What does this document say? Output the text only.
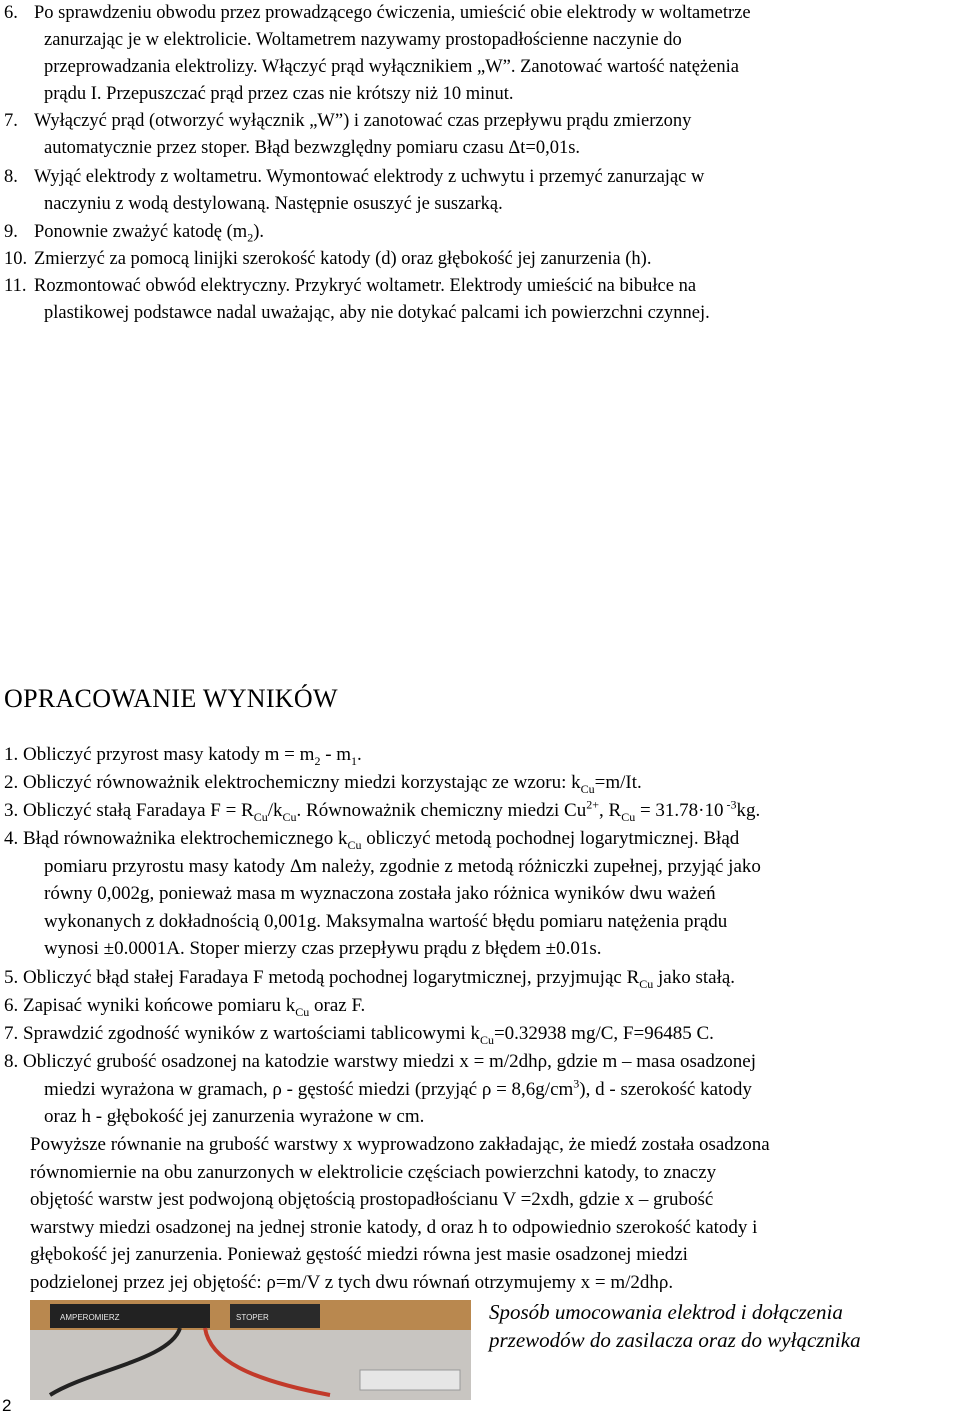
6. Po sprawdzeniu obwodu przez prowadzącego ćwiczenia, umieścić obie elektrody w woltametrze
zanurzając je w elektrolicie. Woltametrem nazywamy prostopadłościenne naczynie do
przeprowadzania elektrolizy. Włączyć prąd wyłącznikiem „W”. Zanotować wartość natężenia
prądu I. Przepuszczać prąd przez czas nie krótszy niż 10 minut.
7. Wyłączyć prąd (otworzyć wyłącznik „W”) i zanotować czas przepływu prądu zmierzony
automatycznie przez stoper. Błąd bezwzględny pomiaru czasu Δt=0,01s.
8. Wyjąć elektrody z woltametru. Wymontować elektrody z uchwytu i przemyć zanurzając w
naczyniu z wodą destylowaną. Następnie osuszyć je suszarką.
9. Ponownie zważyć katodę $(m_2)$.
10. Zmierzyć za pomocą linijki szerokość katody (d) oraz głębokość jej zanurzenia (h).
11. Rozmontować obwód elektryczny. Przykryć woltametr. Elektrody umieścić na bibułce na
plastikowej podstawce nadal uważając, aby nie dotykać palcami ich powierzchni czynnej.
OPRACOWANIE WYNIKÓW
1. Obliczyć przyrost masy katody $m = m_2 - m_1$.
2. Obliczyć równoważnik elektrochemiczny miedzi korzystając ze wzoru: $k_{Cu}=m/It$.
3. Obliczyć stałą Faradaya $F = R_{Cu}/k_{Cu}$. Równoważnik chemiczny miedzi $Cu^{2+}$, $R_{Cu} = 31.78\cdot 10$ $^{-3}$kg.
4. Błąd równoważnika elektrochemicznego $k_{Cu}$ obliczyć metodą pochodnej logarytmicznej. Błąd
pomiaru przyrostu masy katody Δm należy, zgodnie z metodą różniczki zupełnej, przyjąć jako
równy 0,002g, ponieważ masa m wyznaczona została jako różnica wyników dwu ważeń
wykonanych z dokładnością 0,001g. Maksymalna wartość błędu pomiaru natężenia prądu
wynosi ±0.0001A. Stoper mierzy czas przepływu prądu z błędem ±0.01s.
5. Obliczyć błąd stałej Faradaya F metodą pochodnej logarytmicznej, przyjmując $R_{Cu}$ jako stałą.
6. Zapisać wyniki końcowe pomiaru $k_{Cu}$ oraz F.
7. Sprawdzić zgodność wyników z wartościami tablicowymi $k_{Cu}=0.32938$ mg/C, F=96485 C.
8. Obliczyć grubość osadzonej na katodzie warstwy miedzi x = m/2dhρ, gdzie m – masa osadzonej
miedzi wyrażona w gramach, ρ - gęstość miedzi (przyjąć $\rho = 8,6g/cm^3$), d - szerokość katody
oraz h - głębokość jej zanurzenia wyrażone w cm.
Powyższe równanie na grubość warstwy x wyprowadzono zakładając, że miedź została osadzona
równomiernie na obu zanurzonych w elektrolicie częściach powierzchni katody, to znaczy
objętość warstw jest podwojoną objętością prostopadłościanu V =2xdh, gdzie x – grubość
warstwy miedzi osadzonej na jednej stronie katody, d oraz h to odpowiednio szerokość katody i
głębokość jej zanurzenia. Ponieważ gęstość miedzi równa jest masie osadzonej miedzi
podzielonej przez jej objętość: ρ=m/V z tych dwu równań otrzymujemy x = m/2dhρ.
AMPEROMIERZ	STOPER	Sposób umocowania elektrod i dołączenia
przewodów do zasilacza oraz do wyłącznika
2
